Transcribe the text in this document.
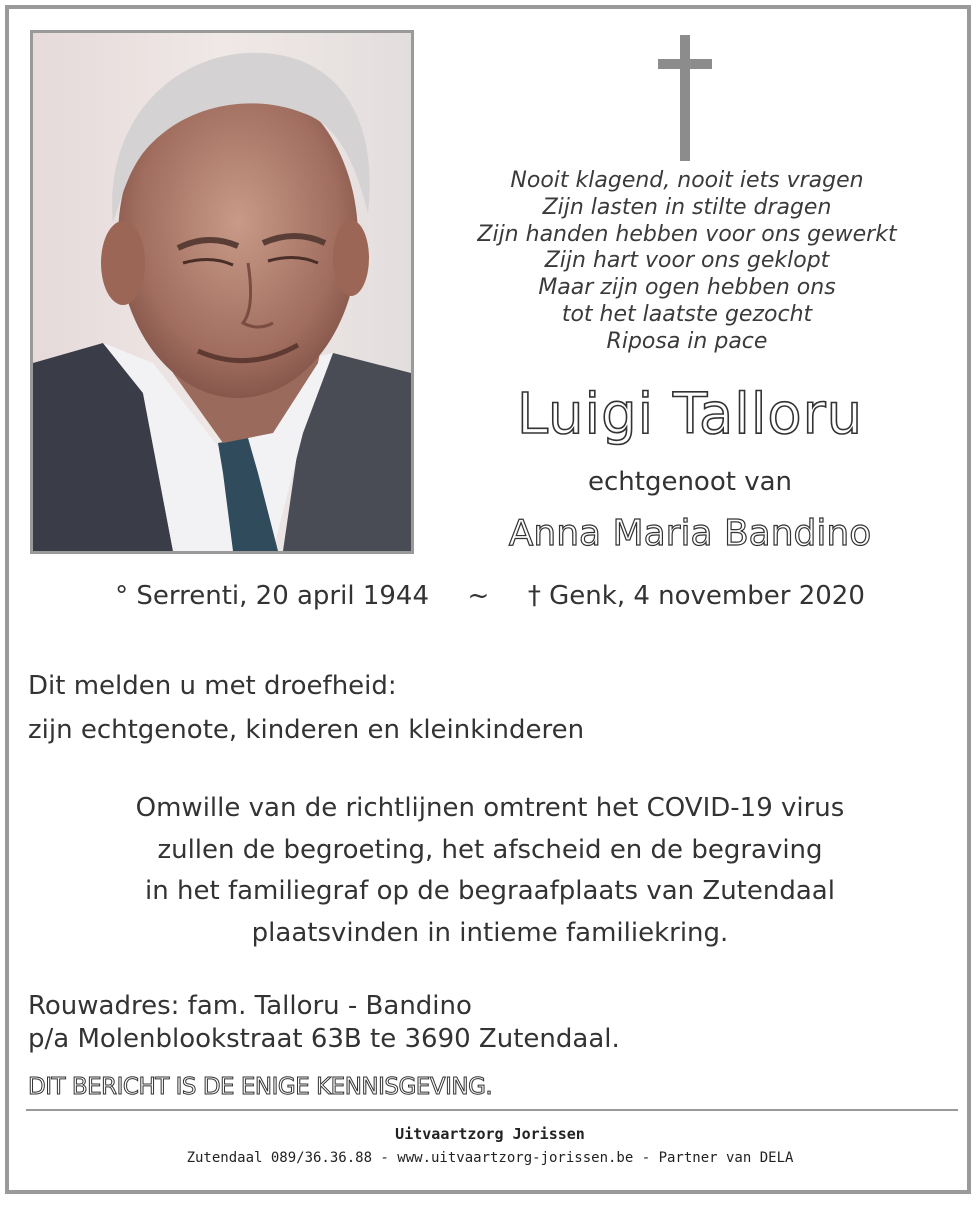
Nooit klagend, nooit iets vragen
Zijn lasten in stilte dragen
Zijn handen hebben voor ons gewerkt
Zijn hart voor ons geklopt
Maar zijn ogen hebben ons
tot het laatste gezocht
Riposa in pace
Luigi Talloru
echtgenoot van
Anna Maria Bandino
° Serrenti, 20 april 1944 ~ † Genk, 4 november 2020
Dit melden u met droefheid:
zijn echtgenote, kinderen en kleinkinderen
Omwille van de richtlijnen omtrent het COVID-19 virus
zullen de begroeting, het afscheid en de begraving
in het familiegraf op de begraafplaats van Zutendaal
plaatsvinden in intieme familiekring.
Rouwadres: fam. Talloru - Bandino
p/a Molenblookstraat 63B te 3690 Zutendaal.
DIT BERICHT IS DE ENIGE KENNISGEVING.
Uitvaartzorg Jorissen
Zutendaal 089/36.36.88 - www.uitvaartzorg-jorissen.be - Partner van DELA
